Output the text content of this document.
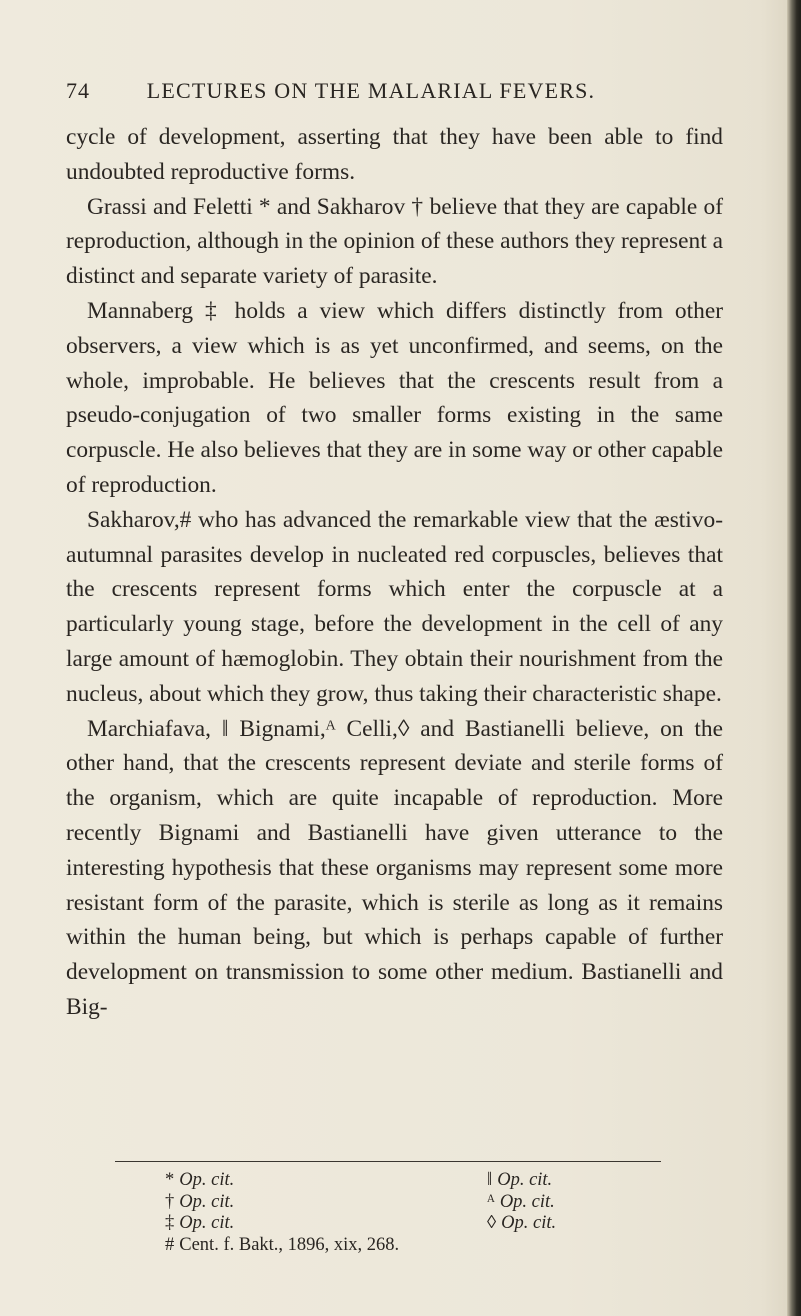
74	LECTURES ON THE MALARIAL FEVERS.

cycle of development, asserting that they have been able to find undoubted reproductive forms.

Grassi and Feletti * and Sakharov † believe that they are capable of reproduction, although in the opinion of these authors they represent a distinct and separate variety of parasite.

Mannaberg ‡ holds a view which differs distinctly from other observers, a view which is as yet unconfirmed, and seems, on the whole, improbable. He believes that the crescents result from a pseudo-conjugation of two smaller forms existing in the same corpuscle. He also believes that they are in some way or other capable of reproduction.

Sakharov,# who has advanced the remarkable view that the æstivo-autumnal parasites develop in nucleated red corpuscles, believes that the crescents represent forms which enter the corpuscle at a particularly young stage, before the development in the cell of any large amount of hæmoglobin. They obtain their nourishment from the nucleus, about which they grow, thus taking their characteristic shape.

Marchiafava, ‖ Bignami,ᴬ Celli,◊ and Bastianelli believe, on the other hand, that the crescents represent deviate and sterile forms of the organism, which are quite incapable of reproduction. More recently Bignami and Bastianelli have given utterance to the interesting hypothesis that these organisms may represent some more resistant form of the parasite, which is sterile as long as it remains within the human being, but which is perhaps capable of further development on transmission to some other medium. Bastianelli and Big-

* Op. cit.
† Op. cit.
‡ Op. cit.
# Cent. f. Bakt., 1896, xix, 268.
‖ Op. cit.
ᴬ Op. cit.
◊ Op. cit.
